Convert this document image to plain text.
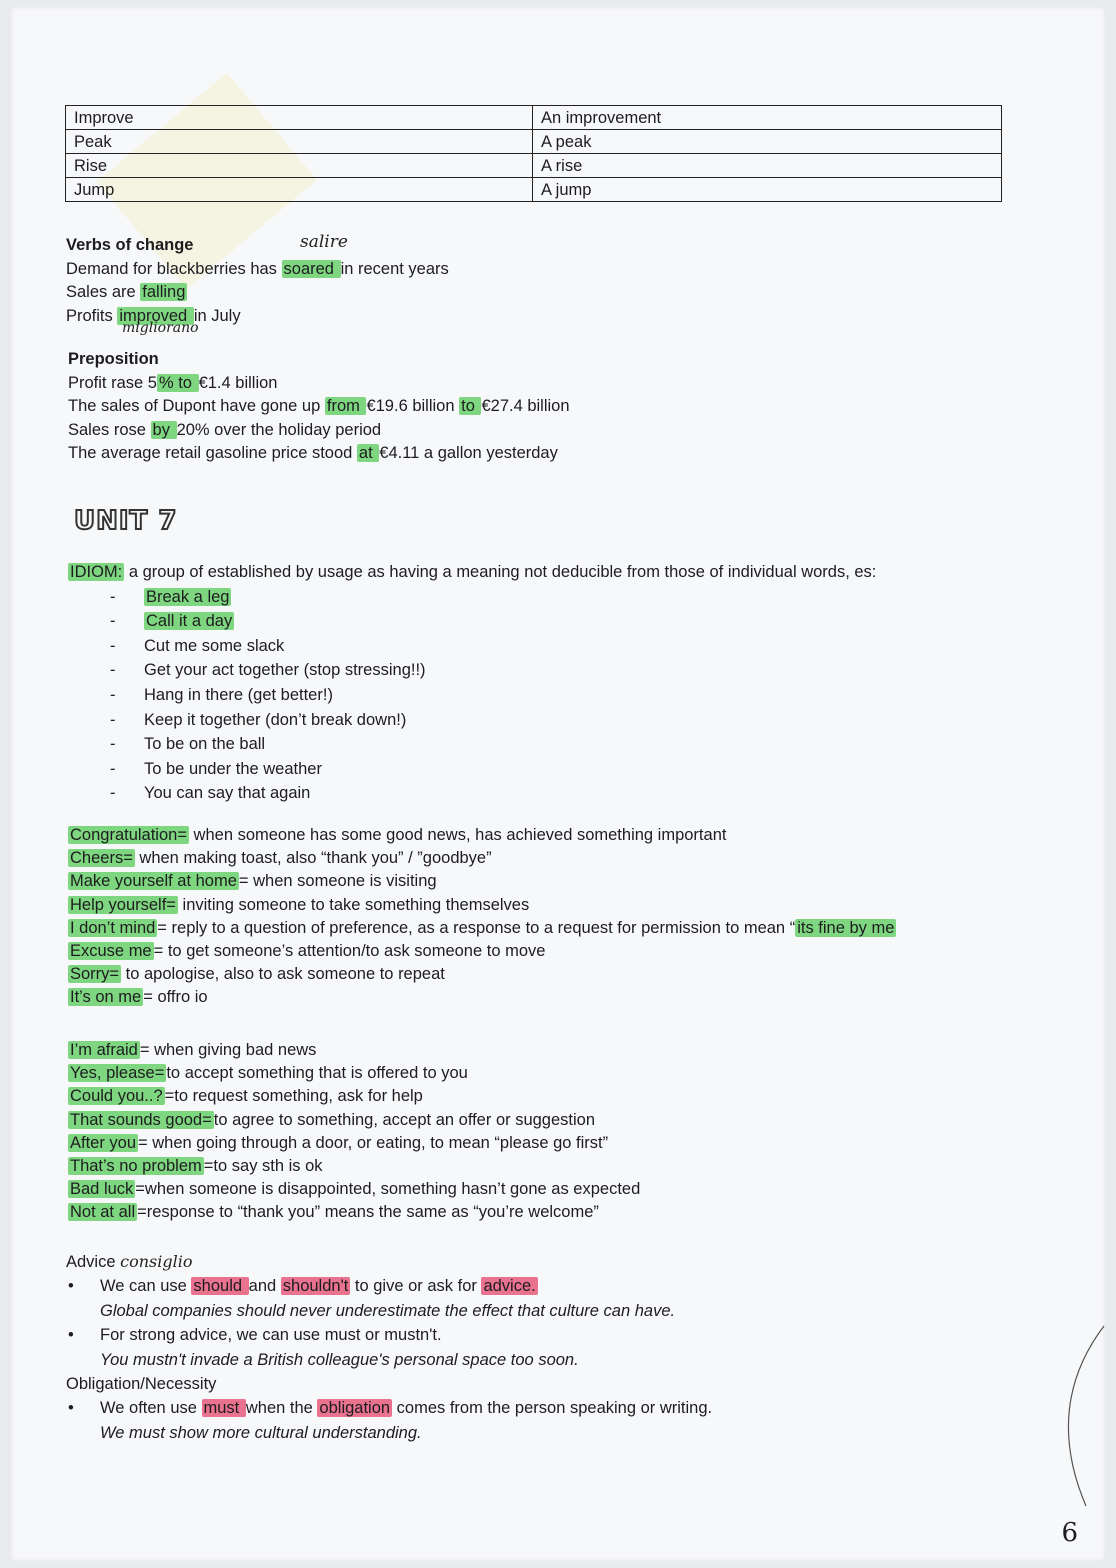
Improve	An improvement
Peak	A peak
Rise	A rise
Jump	A jump
salire
Verbs of change
Demand for blackberries has soared in recent years
Sales are falling
Profits improved in July
migliorano
Preposition
Profit rase 5 % to €1.4 billion
The sales of Dupont have gone up from €19.6 billion to €27.4 billion
Sales rose by 20% over the holiday period
The average retail gasoline price stood at €4.11 a gallon yesterday
UNIT 7
IDIOM: a group of established by usage as having a meaning not deducible from those of individual words, es:
- Break a leg
- Call it a day
- Cut me some slack
- Get your act together (stop stressing!!)
- Hang in there (get better!)
- Keep it together (don’t break down!)
- To be on the ball
- To be under the weather
- You can say that again
Congratulation= when someone has some good news, has achieved something important
Cheers= when making toast, also “thank you” / ”goodbye”
Make yourself at home = when someone is visiting
Help yourself= inviting someone to take something themselves
I don’t mind = reply to a question of preference, as a response to a request for permission to mean “ its fine by me
Excuse me = to get someone’s attention/to ask someone to move
Sorry= to apologise, also to ask someone to repeat
It’s on me = offro io
I’m afraid = when giving bad news
Yes, please= to accept something that is offered to you
Could you..? =to request something, ask for help
That sounds good= to agree to something, accept an offer or suggestion
After you = when going through a door, or eating, to mean “please go first”
That’s no problem =to say sth is ok
Bad luck =when someone is disappointed, something hasn’t gone as expected
Not at all =response to “thank you” means the same as “you’re welcome”
Advice consiglio
• We can use should and shouldn't to give or ask for advice.
Global companies should never underestimate the effect that culture can have.
• For strong advice, we can use must or mustn't.
You mustn't invade a British colleague's personal space too soon.
Obligation/Necessity
• We often use must when the obligation comes from the person speaking or writing.
We must show more cultural understanding.
6
